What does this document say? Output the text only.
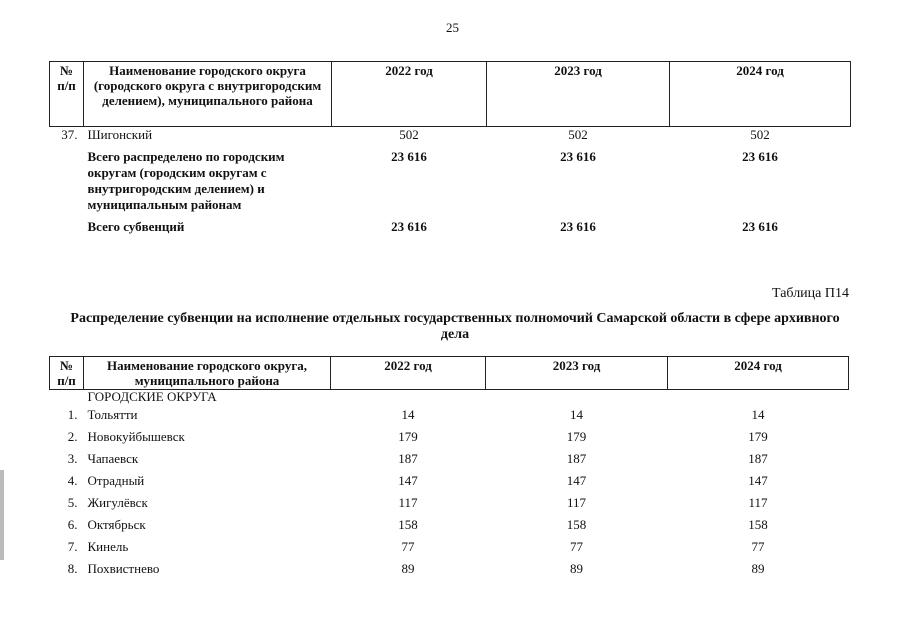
25
№ п/п	Наименование городского округа (городского округа с внутригородским делением), муниципального района	2022 год	2023 год	2024 год
37.	Шигонский	502	502	502
	Всего распределено по городским округам (городским округам с внутригородским делением) и муниципальным районам	23 616	23 616	23 616
	Всего субвенций	23 616	23 616	23 616
Таблица П14
Распределение субвенции на исполнение отдельных государственных полномочий Самарской области в сфере архивного дела
№ п/п	Наименование городского округа, муниципального района	2022 год	2023 год	2024 год
	ГОРОДСКИЕ ОКРУГА			
1.	Тольятти	14	14	14
2.	Новокуйбышевск	179	179	179
3.	Чапаевск	187	187	187
4.	Отрадный	147	147	147
5.	Жигулёвск	117	117	117
6.	Октябрьск	158	158	158
7.	Кинель	77	77	77
8.	Похвистнево	89	89	89
